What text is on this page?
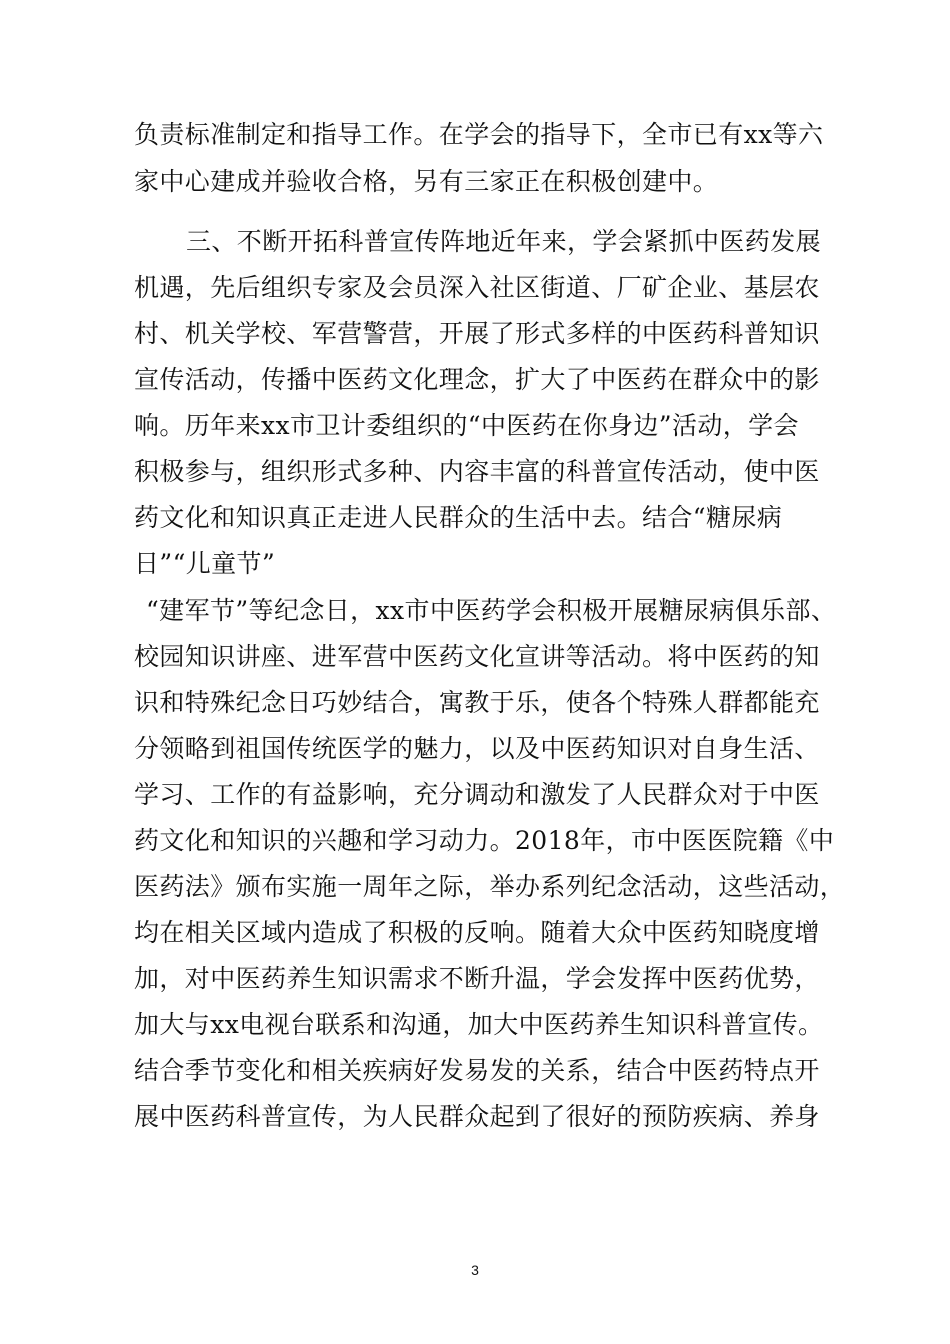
负责标准制定和指导工作。在学会的指导下，全市已有xx等六
家中心建成并验收合格，另有三家正在积极创建中。
三、不断开拓科普宣传阵地近年来，学会紧抓中医药发展
机遇，先后组织专家及会员深入社区街道、厂矿企业、基层农
村、机关学校、军营警营，开展了形式多样的中医药科普知识
宣传活动，传播中医药文化理念，扩大了中医药在群众中的影
响。历年来xx市卫计委组织的“中医药在你身边”活动，学会
积极参与，组织形式多种、内容丰富的科普宣传活动，使中医
药文化和知识真正走进人民群众的生活中去。结合“糖尿病
日”“儿童节”
“建军节”等纪念日，xx市中医药学会积极开展糖尿病俱乐部、
校园知识讲座、进军营中医药文化宣讲等活动。将中医药的知
识和特殊纪念日巧妙结合，寓教于乐，使各个特殊人群都能充
分领略到祖国传统医学的魅力，以及中医药知识对自身生活、
学习、工作的有益影响，充分调动和激发了人民群众对于中医
药文化和知识的兴趣和学习动力。2018年，市中医医院籍《中
医药法》颁布实施一周年之际，举办系列纪念活动，这些活动，
均在相关区域内造成了积极的反响。随着大众中医药知晓度增
加，对中医药养生知识需求不断升温，学会发挥中医药优势，
加大与xx电视台联系和沟通，加大中医药养生知识科普宣传。
结合季节变化和相关疾病好发易发的关系，结合中医药特点开
展中医药科普宣传，为人民群众起到了很好的预防疾病、养身
3
